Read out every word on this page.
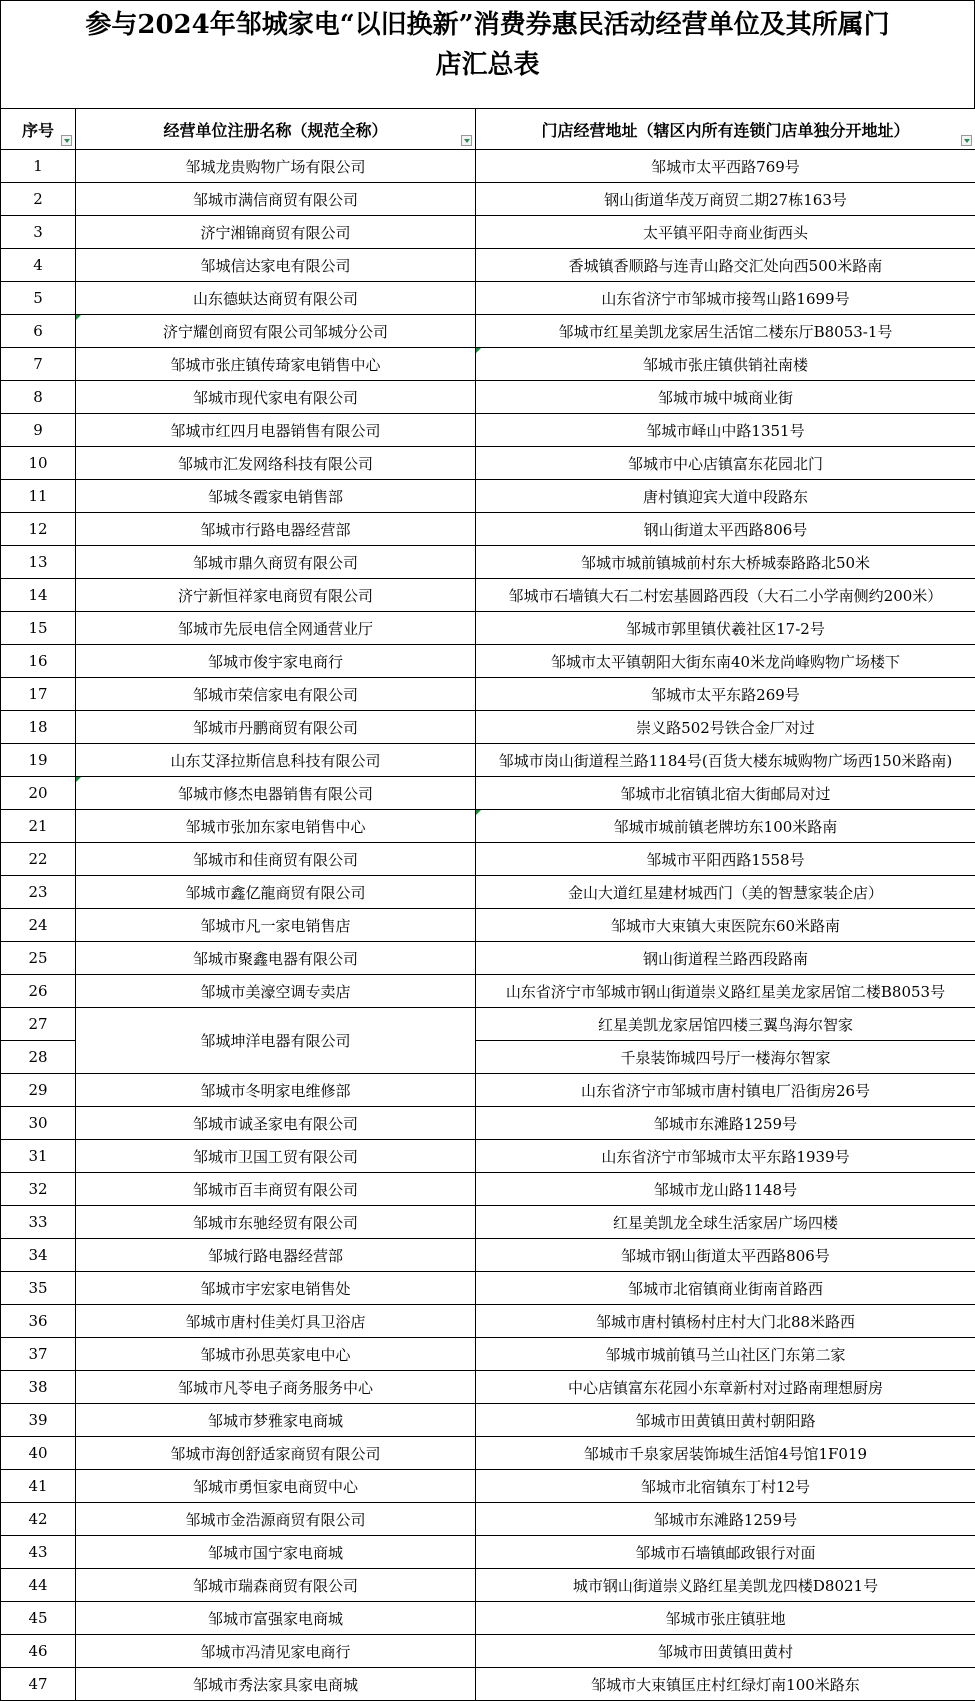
参与2024年邹城家电“以旧换新”消费券惠民活动经营单位及其所属门
店汇总表
序号	经营单位注册名称（规范全称）	门店经营地址（辖区内所有连锁门店单独分开地址）

1	邹城龙贵购物广场有限公司	邹城市太平西路769号
2	邹城市满信商贸有限公司	钢山街道华茂万商贸二期27栋163号
3	济宁湘锦商贸有限公司	太平镇平阳寺商业街西头
4	邹城信达家电有限公司	香城镇香顺路与连青山路交汇处向西500米路南
5	山东德蚨达商贸有限公司	山东省济宁市邹城市接驾山路1699号
6	济宁耀创商贸有限公司邹城分公司	邹城市红星美凯龙家居生活馆二楼东厅B8053-1号
7	邹城市张庄镇传琦家电销售中心	邹城市张庄镇供销社南楼
8	邹城市现代家电有限公司	邹城市城中城商业街
9	邹城市红四月电器销售有限公司	邹城市峄山中路1351号
10	邹城市汇发网络科技有限公司	邹城市中心店镇富东花园北门
11	邹城冬霞家电销售部	唐村镇迎宾大道中段路东
12	邹城市行路电器经营部	钢山街道太平西路806号
13	邹城市鼎久商贸有限公司	邹城市城前镇城前村东大桥城泰路路北50米
14	济宁新恒祥家电商贸有限公司	邹城市石墙镇大石二村宏基圆路西段（大石二小学南侧约200米）
15	邹城市先辰电信全网通营业厅	邹城市郭里镇伏羲社区17-2号
16	邹城市俊宇家电商行	邹城市太平镇朝阳大街东南40米龙尚峰购物广场楼下
17	邹城市荣信家电有限公司	邹城市太平东路269号
18	邹城市丹鹏商贸有限公司	崇义路502号铁合金厂对过
19	山东艾泽拉斯信息科技有限公司	邹城市岗山街道程兰路1184号(百货大楼东城购物广场西150米路南)
20	邹城市修杰电器销售有限公司	邹城市北宿镇北宿大街邮局对过
21	邹城市张加东家电销售中心	邹城市城前镇老牌坊东100米路南
22	邹城市和佳商贸有限公司	邹城市平阳西路1558号
23	邹城市鑫亿龍商贸有限公司	金山大道红星建材城西门（美的智慧家装企店）
24	邹城市凡一家电销售店	邹城市大束镇大束医院东60米路南
25	邹城市聚鑫电器有限公司	钢山街道程兰路西段路南
26	邹城市美濠空调专卖店	山东省济宁市邹城市钢山街道崇义路红星美龙家居馆二楼B8053号
27	邹城坤洋电器有限公司	红星美凯龙家居馆四楼三翼鸟海尔智家
28		千泉装饰城四号厅一楼海尔智家
29	邹城市冬明家电维修部	山东省济宁市邹城市唐村镇电厂沿街房26号
30	邹城市诚圣家电有限公司	邹城市东滩路1259号
31	邹城市卫国工贸有限公司	山东省济宁市邹城市太平东路1939号
32	邹城市百丰商贸有限公司	邹城市龙山路1148号
33	邹城市东驰经贸有限公司	红星美凯龙全球生活家居广场四楼
34	邹城行路电器经营部	邹城市钢山街道太平西路806号
35	邹城市宇宏家电销售处	邹城市北宿镇商业街南首路西
36	邹城市唐村佳美灯具卫浴店	邹城市唐村镇杨村庄村大门北88米路西
37	邹城市孙思英家电中心	邹城市城前镇马兰山社区门东第二家
38	邹城市凡苓电子商务服务中心	中心店镇富东花园小东章新村对过路南理想厨房
39	邹城市梦雅家电商城	邹城市田黄镇田黄村朝阳路
40	邹城市海创舒适家商贸有限公司	邹城市千泉家居装饰城生活馆4号馆1F019
41	邹城市勇恒家电商贸中心	邹城市北宿镇东丁村12号
42	邹城市金浩源商贸有限公司	邹城市东滩路1259号
43	邹城市国宁家电商城	邹城市石墙镇邮政银行对面
44	邹城市瑞森商贸有限公司	城市钢山街道崇义路红星美凯龙四楼D8021号
45	邹城市富强家电商城	邹城市张庄镇驻地
46	邹城市冯清见家电商行	邹城市田黄镇田黄村
47	邹城市秀法家具家电商城	邹城市大束镇匡庄村红绿灯南100米路东
